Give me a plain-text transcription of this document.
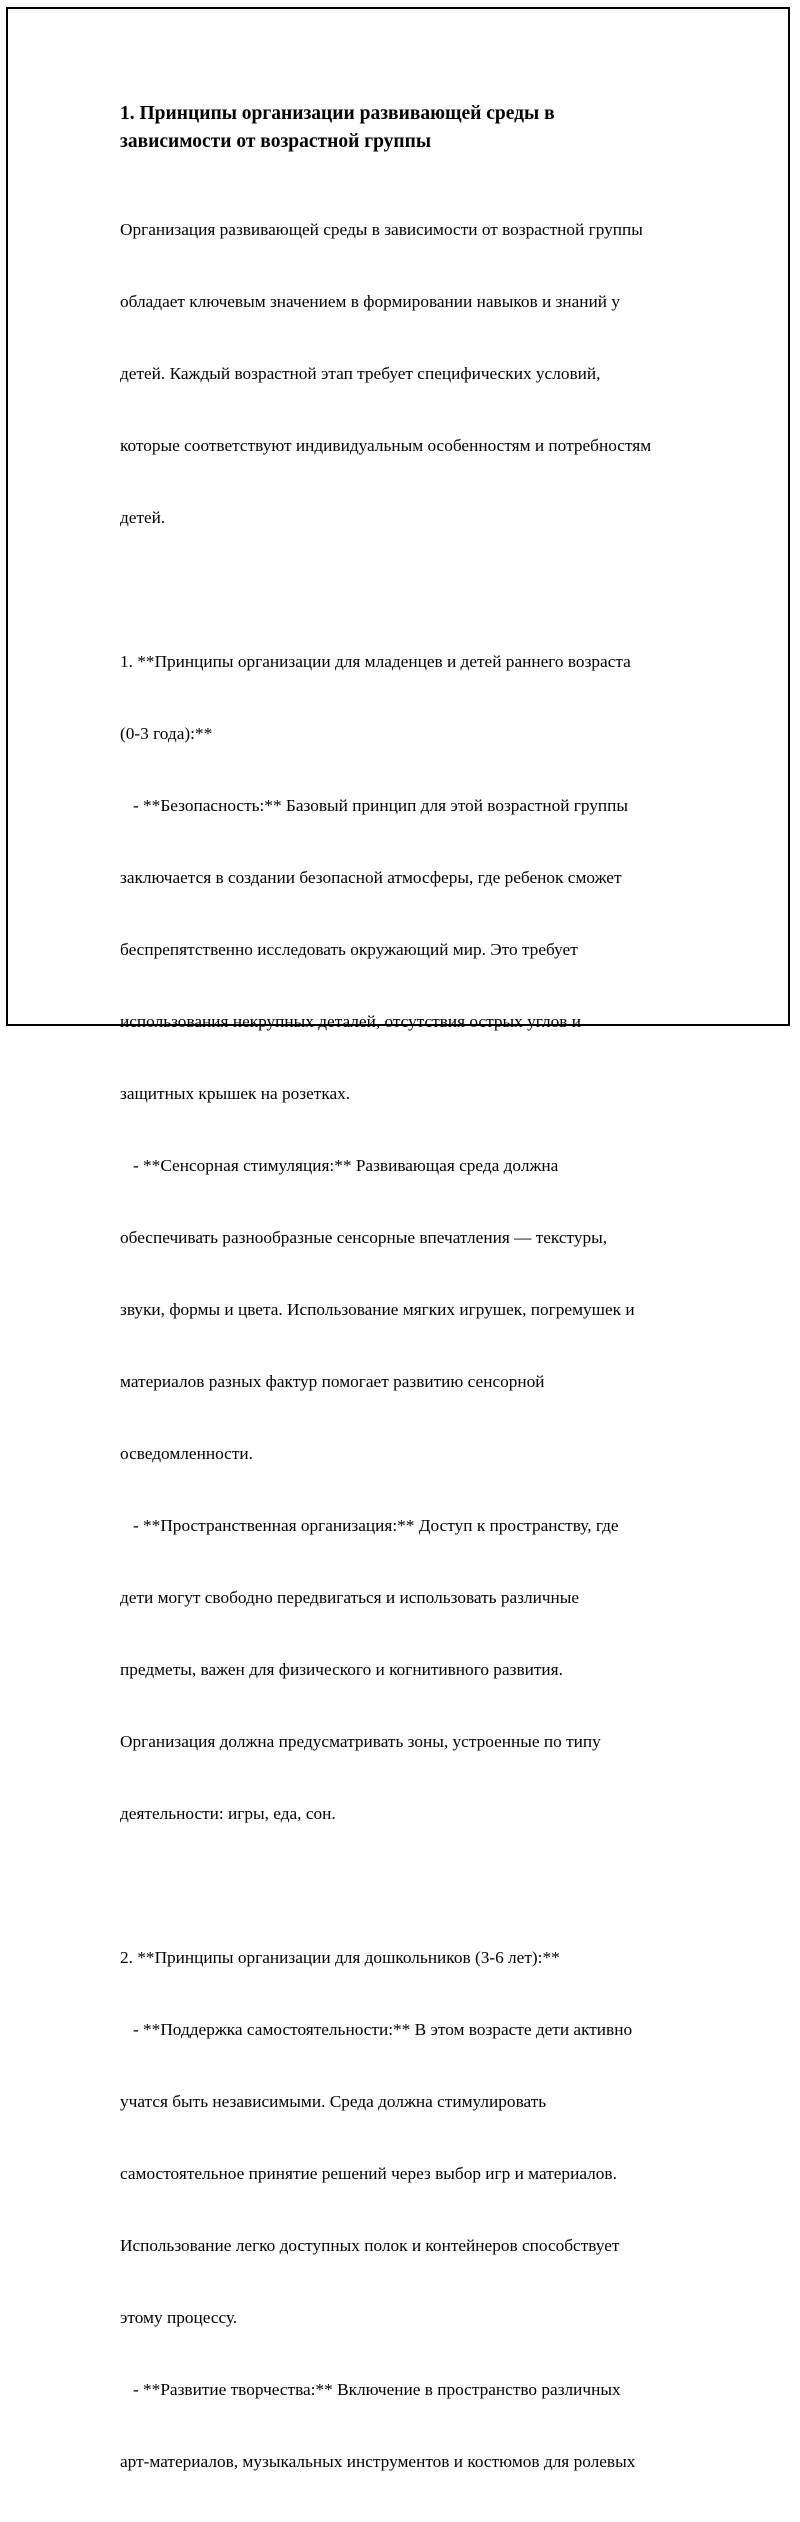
1. Принципы организации развивающей среды в
зависимости от возрастной группы

Организация развивающей среды в зависимости от возрастной группы

обладает ключевым значением в формировании навыков и знаний у

детей. Каждый возрастной этап требует специфических условий,

которые соответствуют индивидуальным особенностям и потребностям

детей.

1. **Принципы организации для младенцев и детей раннего возраста

(0-3 года):**

- **Безопасность:** Базовый принцип для этой возрастной группы

заключается в создании безопасной атмосферы, где ребенок сможет

беспрепятственно исследовать окружающий мир. Это требует

использования некрупных деталей, отсутствия острых углов и

защитных крышек на розетках.

- **Сенсорная стимуляция:** Развивающая среда должна

обеспечивать разнообразные сенсорные впечатления — текстуры,

звуки, формы и цвета. Использование мягких игрушек, погремушек и

материалов разных фактур помогает развитию сенсорной

осведомленности.

- **Пространственная организация:** Доступ к пространству, где

дети могут свободно передвигаться и использовать различные

предметы, важен для физического и когнитивного развития.

Организация должна предусматривать зоны, устроенные по типу

деятельности: игры, еда, сон.

2. **Принципы организации для дошкольников (3-6 лет):**

- **Поддержка самостоятельности:** В этом возрасте дети активно

учатся быть независимыми. Среда должна стимулировать

самостоятельное принятие решений через выбор игр и материалов.

Использование легко доступных полок и контейнеров способствует

этому процессу.

- **Развитие творчества:** Включение в пространство различных

арт-материалов, музыкальных инструментов и костюмов для ролевых
